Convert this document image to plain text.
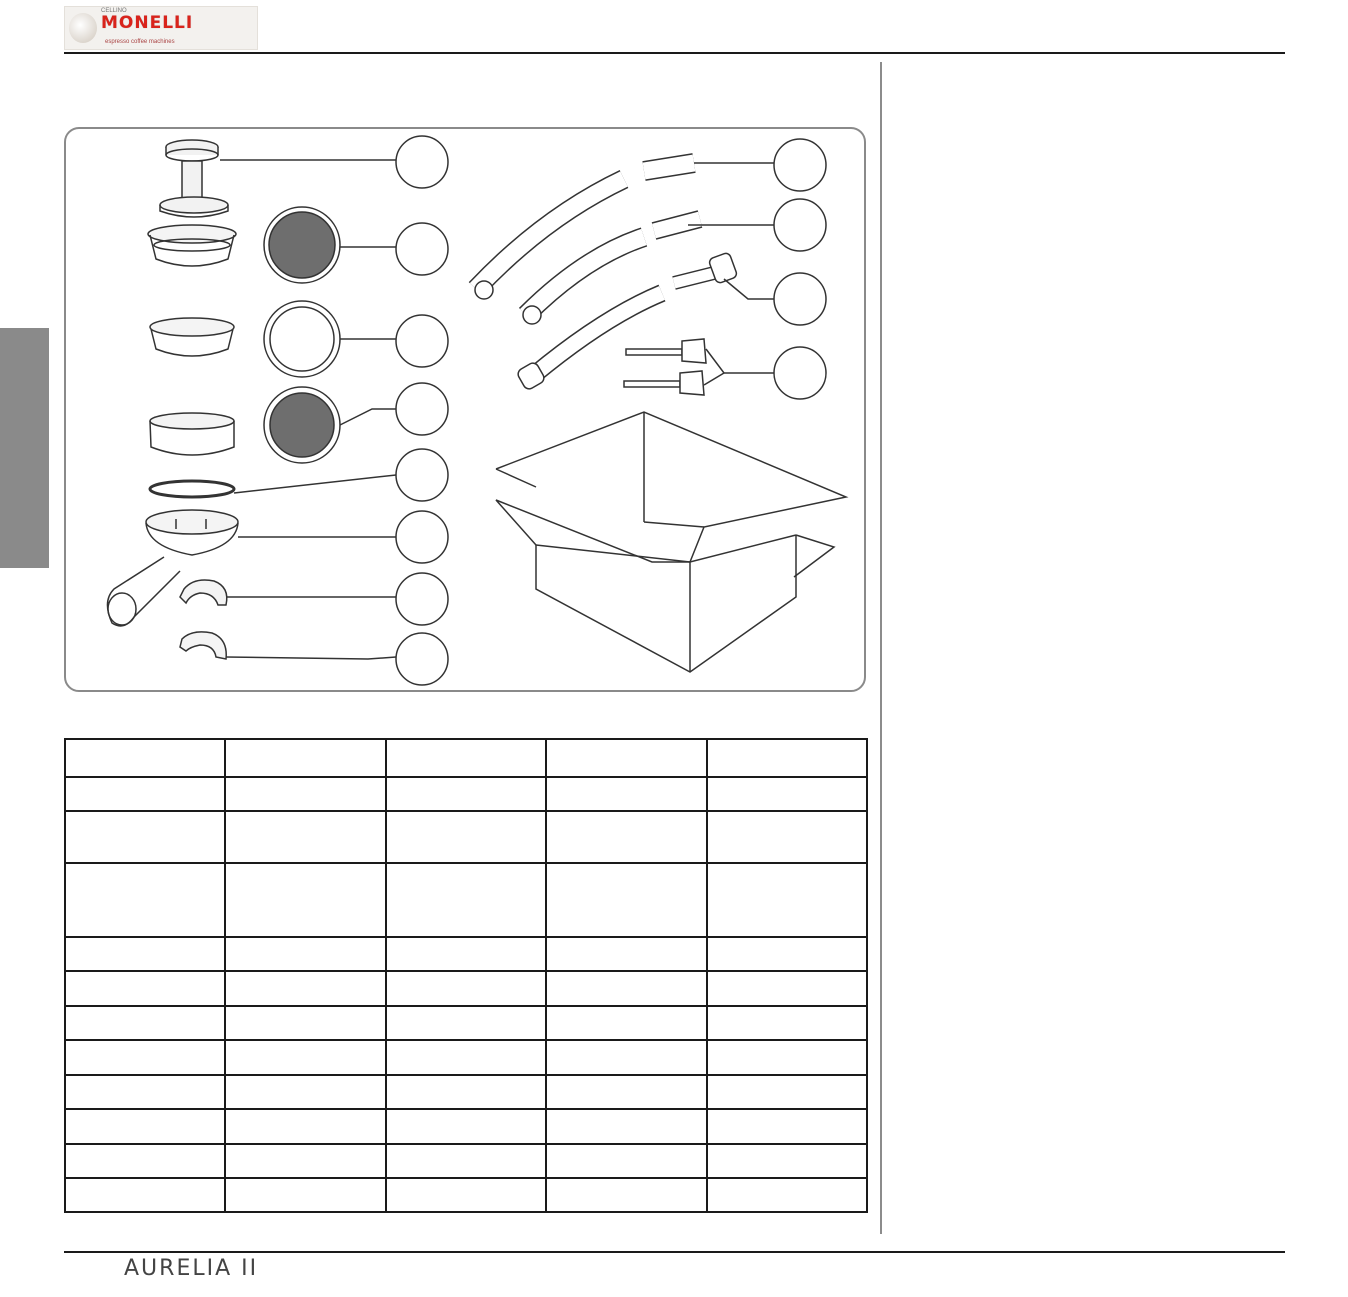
CELLINO
MONELLI
espresso coffee machines

AURELIA II
